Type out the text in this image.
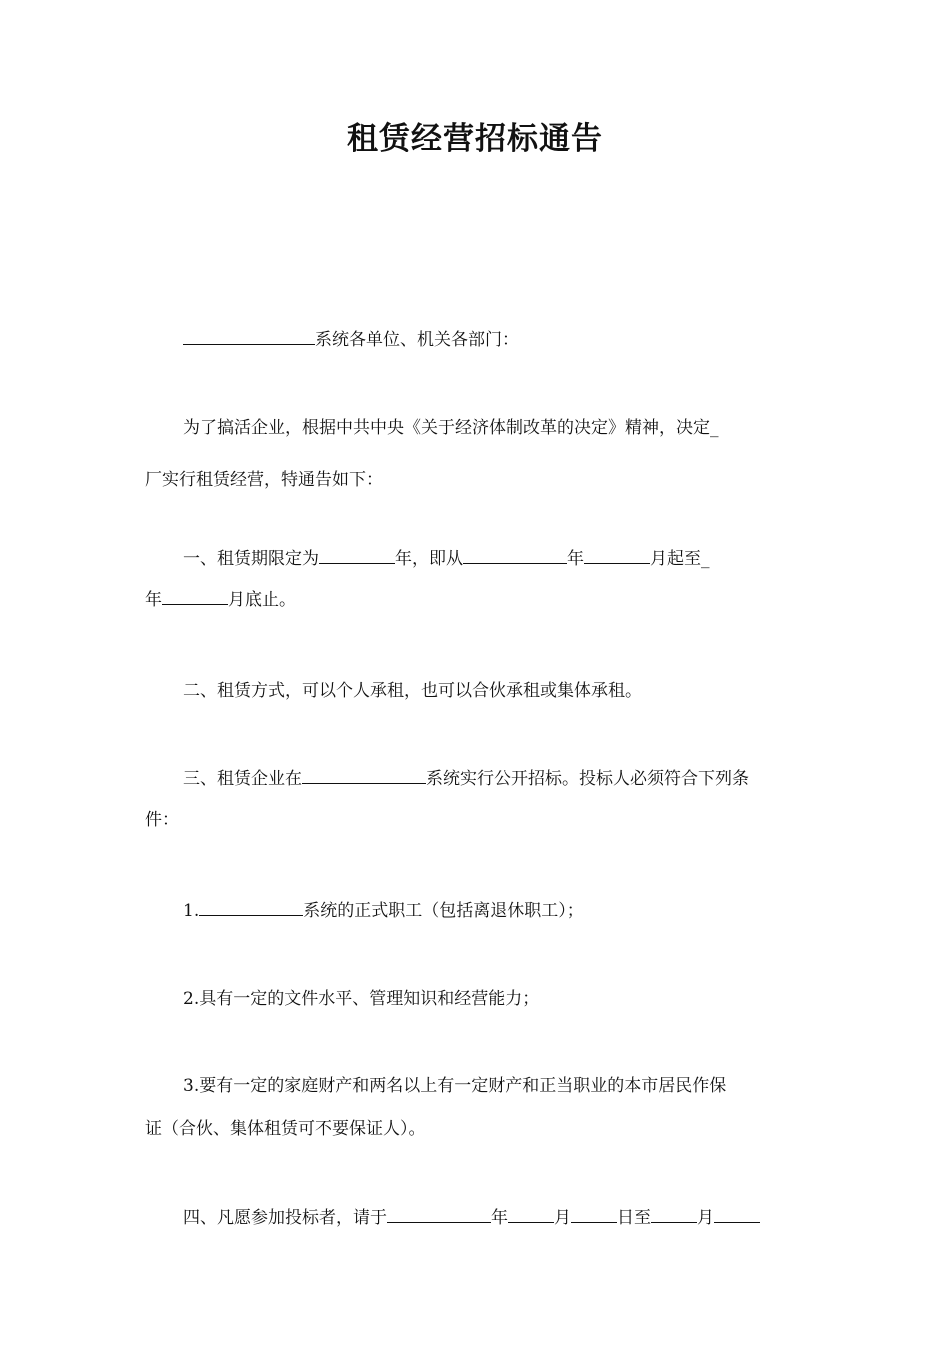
租赁经营招标通告
系统各单位、机关各部门：
为了搞活企业，根据中共中央《关于经济体制改革的决定》精神，决定_
厂实行租赁经营，特通告如下：
一、租赁期限定为	年，即从	年	月起至_
年	月底止。
二、租赁方式，可以个人承租，也可以合伙承租或集体承租。
三、租赁企业在	系统实行公开招标。投标人必须符合下列条
件：
1.	系统的正式职工（包括离退休职工）；
2.具有一定的文件水平、管理知识和经营能力；
3.要有一定的家庭财产和两名以上有一定财产和正当职业的本市居民作保
证（合伙、集体租赁可不要保证人）。
四、凡愿参加投标者，请于	年	月	日至	月
